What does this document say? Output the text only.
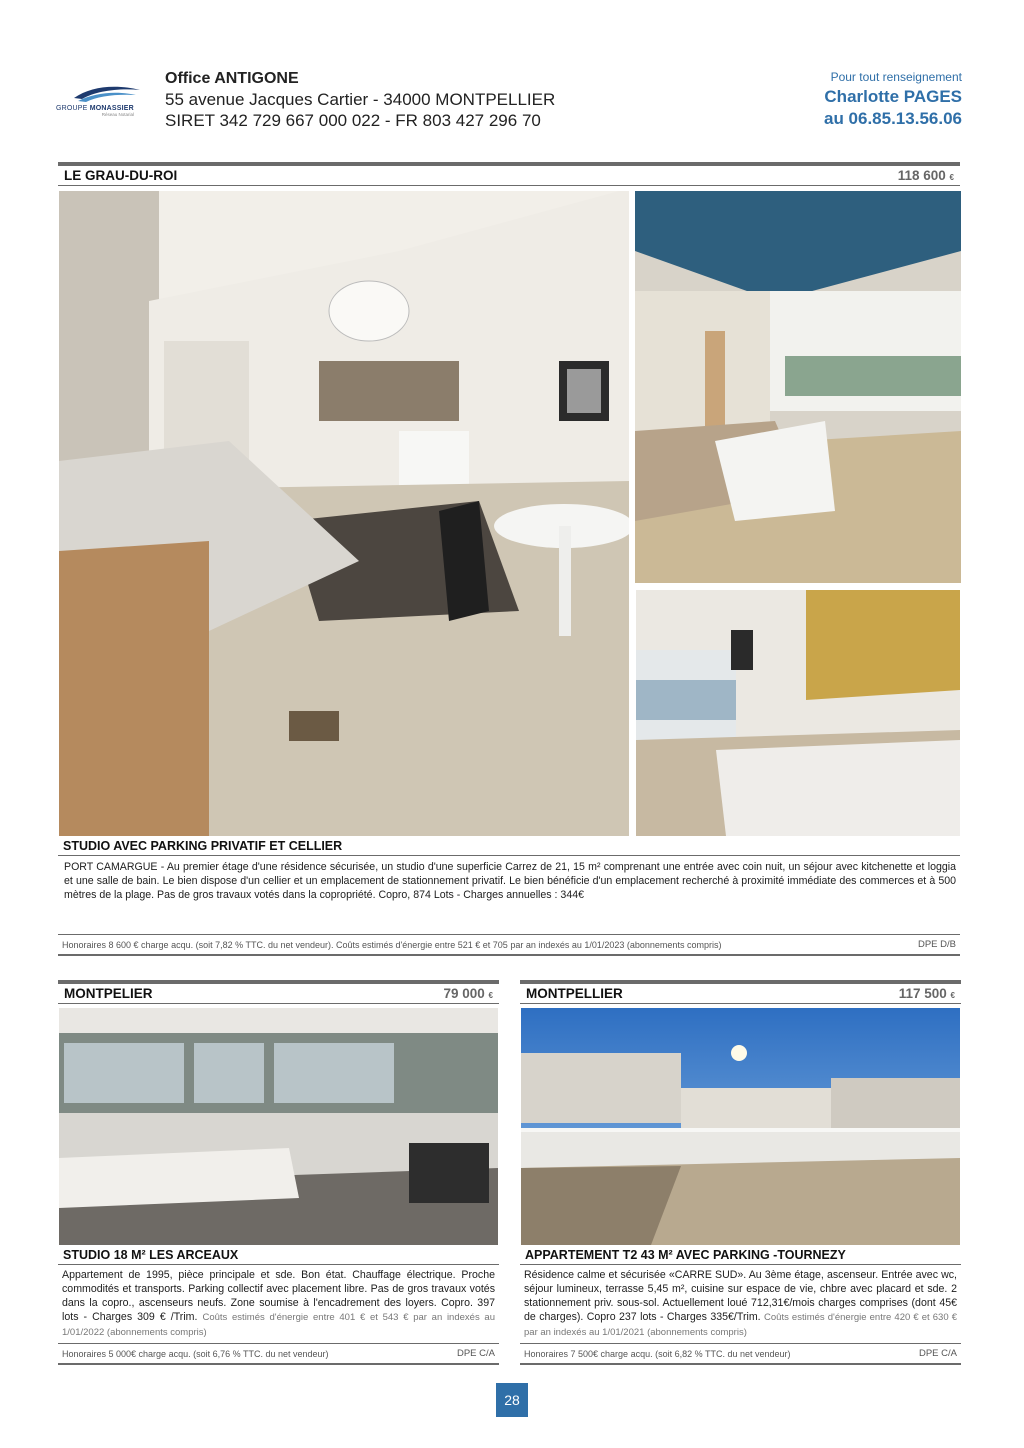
GROUPE MONASSIER
Réseau Notarial
Office ANTIGONE
55 avenue Jacques Cartier - 34000 MONTPELLIER
SIRET 342 729 667 000 022 - FR 803 427 296 70
Pour tout renseignement
Charlotte PAGES
au 06.85.13.56.06
LE GRAU-DU-ROI	118 600 €
STUDIO AVEC PARKING PRIVATIF ET CELLIER
PORT CAMARGUE - Au premier étage d'une résidence sécurisée, un studio d'une superficie Carrez de 21, 15 m² comprenant une entrée avec coin nuit, un séjour avec kitchenette et loggia et une salle de bain. Le bien dispose d'un cellier et un emplacement de stationnement privatif. Le bien bénéficie d'un emplacement recherché à proximité immédiate des commerces et à 500 mètres de la plage. Pas de gros travaux votés dans la copropriété. Copro, 874 Lots - Charges annuelles : 344€
Honoraires 8 600 € charge acqu. (soit 7,82 % TTC. du net vendeur). Coûts estimés d'énergie entre 521 € et 705 par an indexés au 1/01/2023 (abonnements compris)	DPE D/B
MONTPELIER	79 000 €
STUDIO 18 M² LES ARCEAUX
Appartement de 1995, pièce principale et sde. Bon état. Chauffage électrique. Proche commodités et transports. Parking collectif avec placement libre. Pas de gros travaux votés dans la copro., ascenseurs neufs. Zone soumise à l'encadrement des loyers. Copro. 397 lots - Charges 309 € /Trim. Coûts estimés d'énergie entre 401 € et 543 € par an indexés au 1/01/2022 (abonnements compris)
Honoraires 5 000€ charge acqu. (soit 6,76 % TTC. du net vendeur)	DPE C/A
MONTPELLIER	117 500 €
APPARTEMENT T2 43 M² AVEC PARKING -TOURNEZY
Résidence calme et sécurisée «CARRE SUD». Au 3ème étage, ascenseur. Entrée avec wc, séjour lumineux, terrasse 5,45 m², cuisine sur espace de vie, chbre avec placard et sde. 2 stationnement priv. sous-sol. Actuellement loué 712,31€/mois charges comprises (dont 45€ de charges). Copro 237 lots - Charges 335€/Trim. Coûts estimés d'énergie entre 420 € et 630 € par an indexés au 1/01/2021 (abonnements compris)
Honoraires 7 500€ charge acqu. (soit 6,82 % TTC. du net vendeur)	DPE C/A
28
